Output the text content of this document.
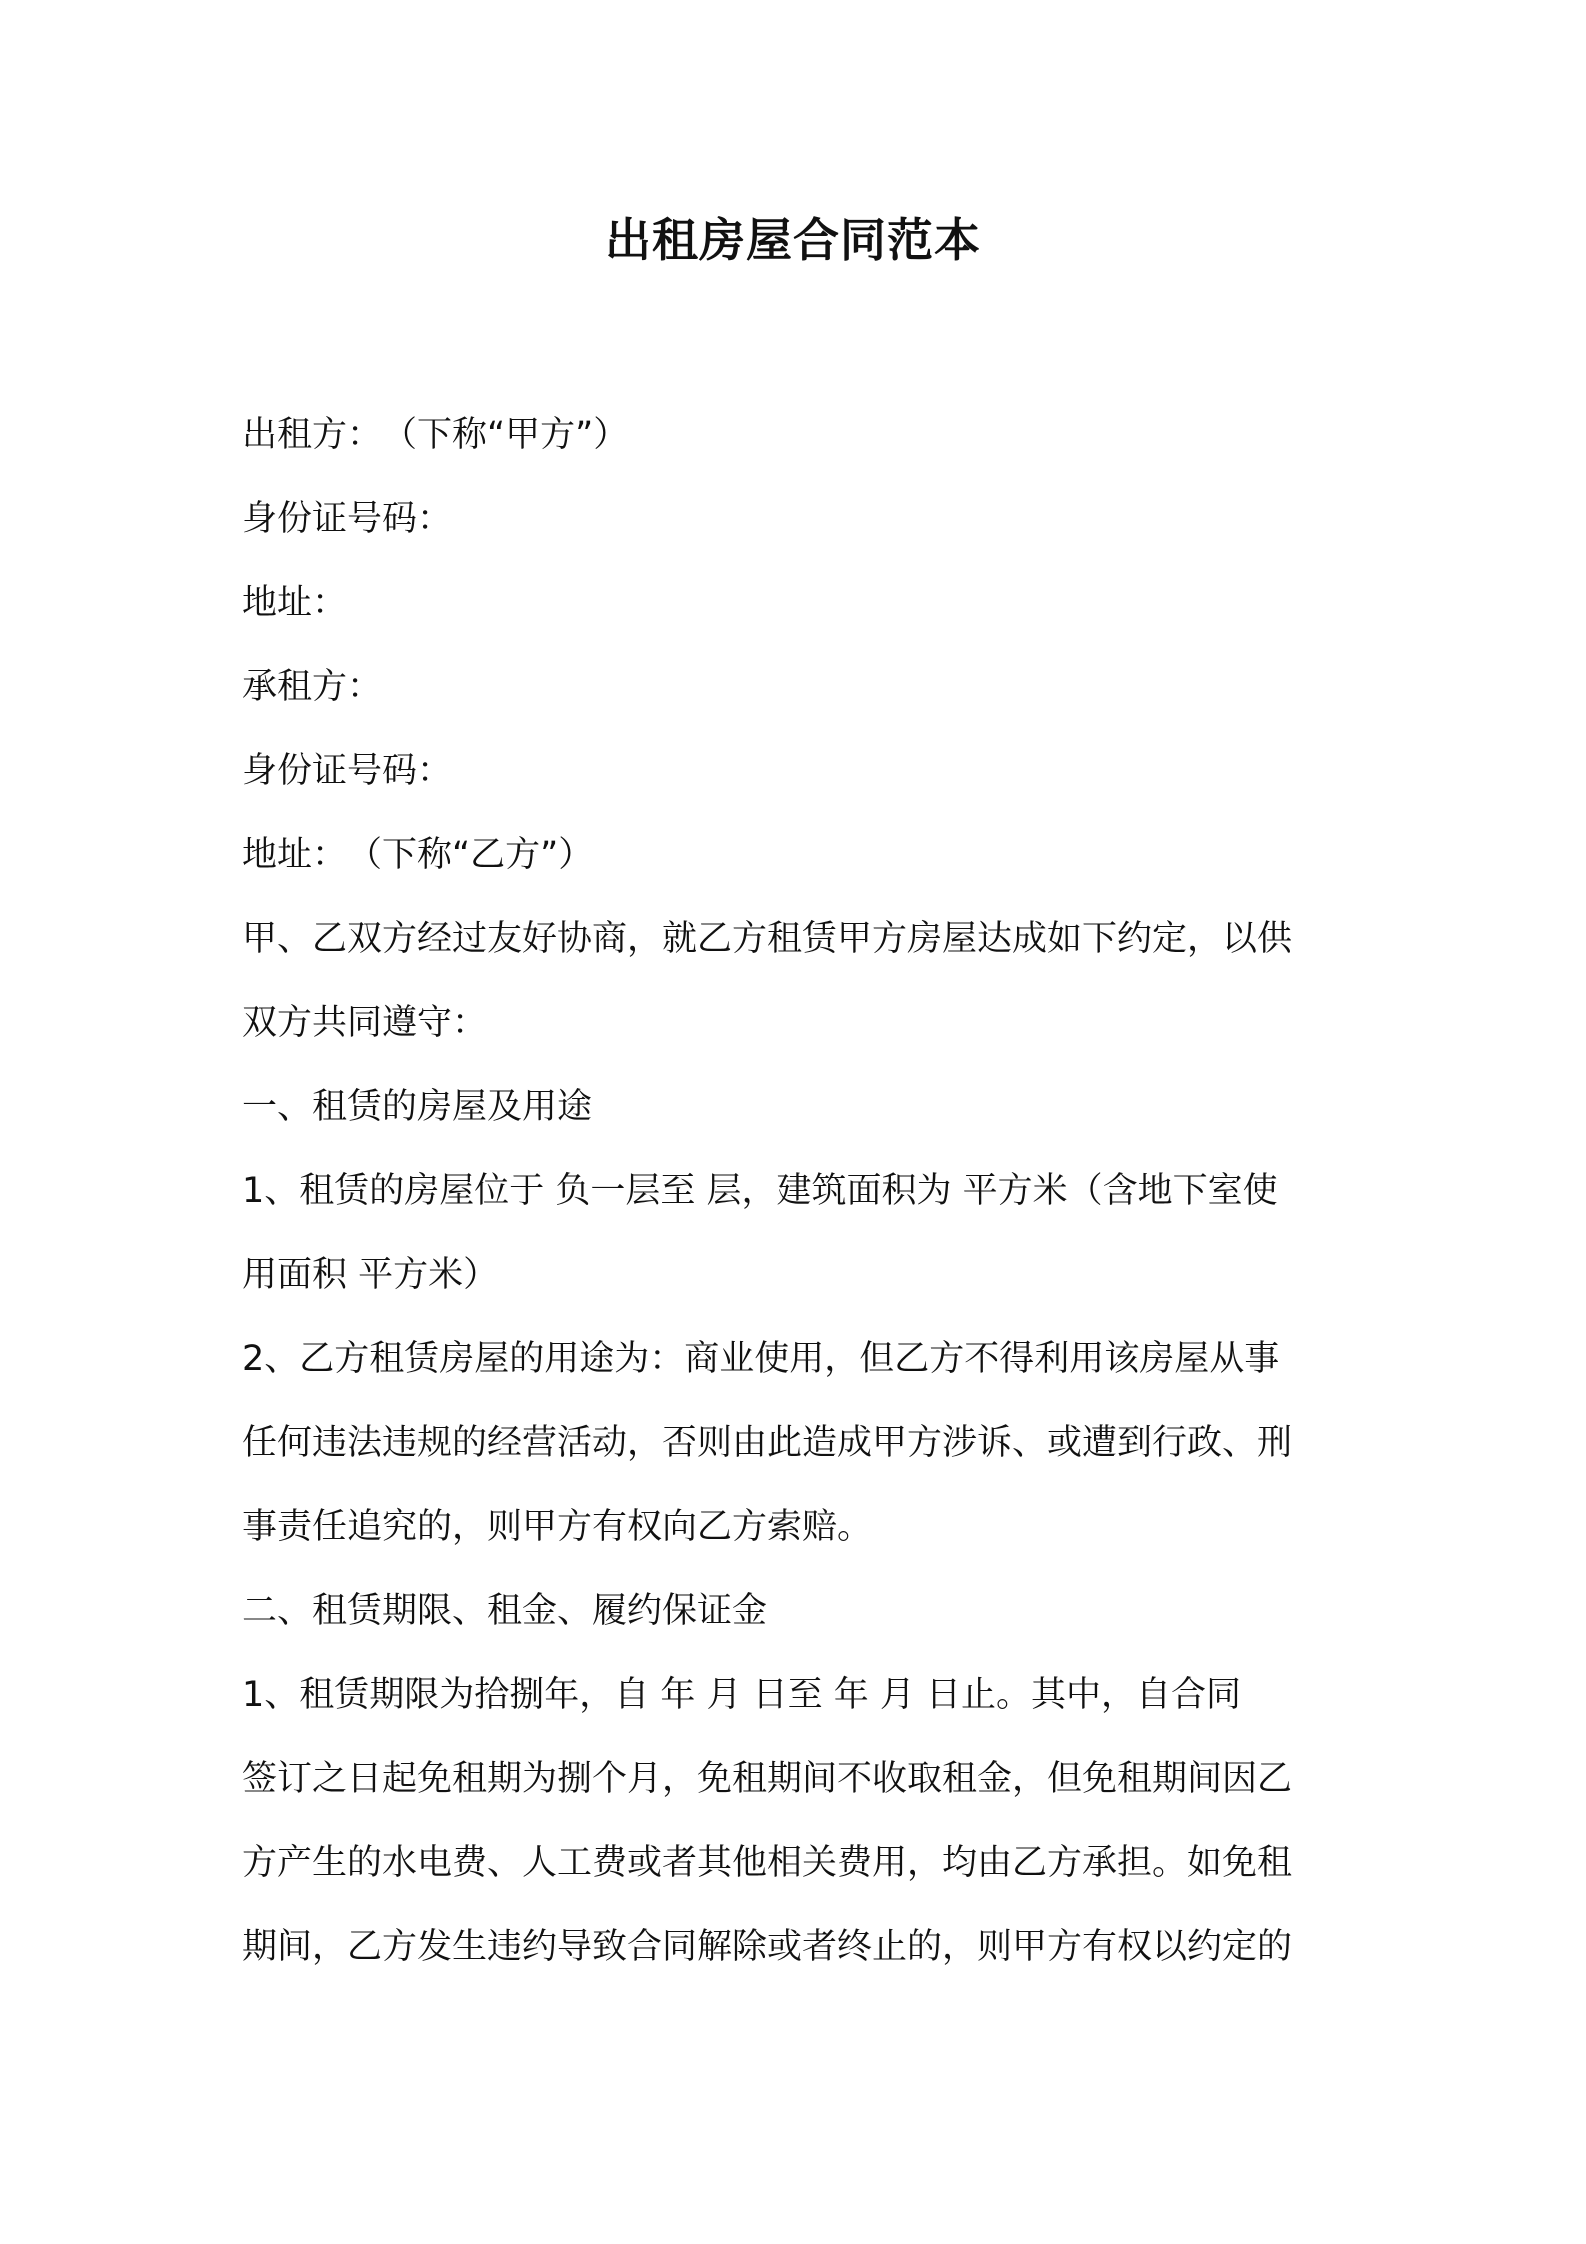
出租房屋合同范本
出租方：　（下称“甲方”）
身份证号码：
地址：
承租方：
身份证号码：
地址：　（下称“乙方”）
甲、乙双方经过友好协商，就乙方租赁甲方房屋达成如下约定，以供
双方共同遵守：
一、租赁的房屋及用途
1、租赁的房屋位于 负一层至 层，建筑面积为 平方米（含地下室使
用面积 平方米）
2、乙方租赁房屋的用途为：商业使用，但乙方不得利用该房屋从事
任何违法违规的经营活动，否则由此造成甲方涉诉、或遭到行政、刑
事责任追究的，则甲方有权向乙方索赔。
二、租赁期限、租金、履约保证金
1、租赁期限为拾捌年，自 年 月 日至 年 月 日止。其中，自合同
签订之日起免租期为捌个月，免租期间不收取租金，但免租期间因乙
方产生的水电费、人工费或者其他相关费用，均由乙方承担。如免租
期间，乙方发生违约导致合同解除或者终止的，则甲方有权以约定的
